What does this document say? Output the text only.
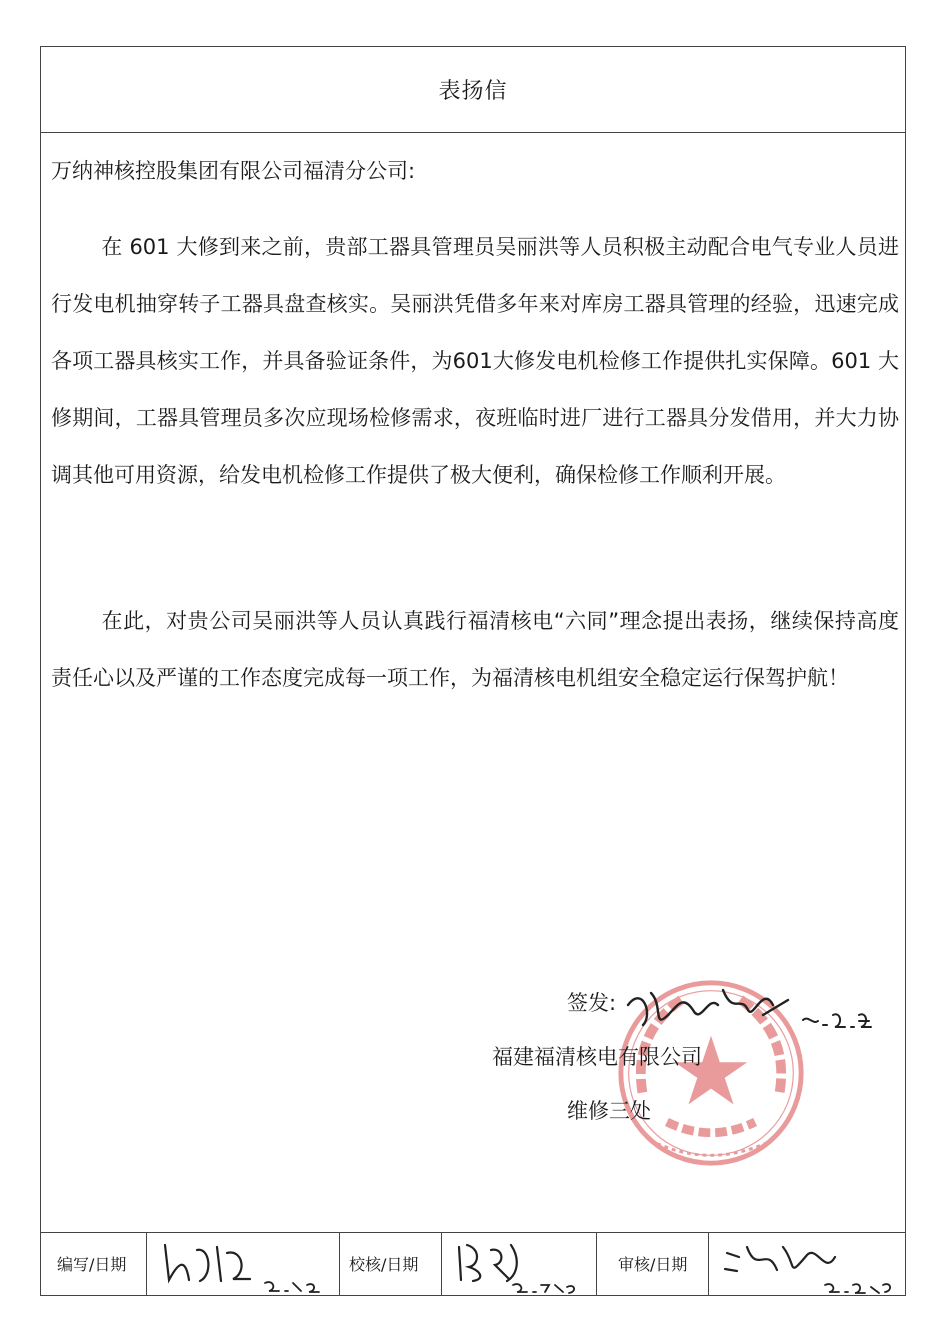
表扬信
万纳神核控股集团有限公司福清分公司:

在 601 大修到来之前，贵部工器具管理员吴丽洪等人员积极主动配合电气专业人员进行发电机抽穿转子工器具盘查核实。吴丽洪凭借多年来对库房工器具管理的经验，迅速完成各项工器具核实工作，并具备验证条件，为601大修发电机检修工作提供扎实保障。601 大修期间，工器具管理员多次应现场检修需求，夜班临时进厂进行工器具分发借用，并大力协调其他可用资源，给发电机检修工作提供了极大便利，确保检修工作顺利开展。

在此，对贵公司吴丽洪等人员认真践行福清核电“六同”理念提出表扬，继续保持高度责任心以及严谨的工作态度完成每一项工作，为福清核电机组安全稳定运行保驾护航！

签发:
福建福清核电有限公司
维修三处
编写/日期	校核/日期	审核/日期
